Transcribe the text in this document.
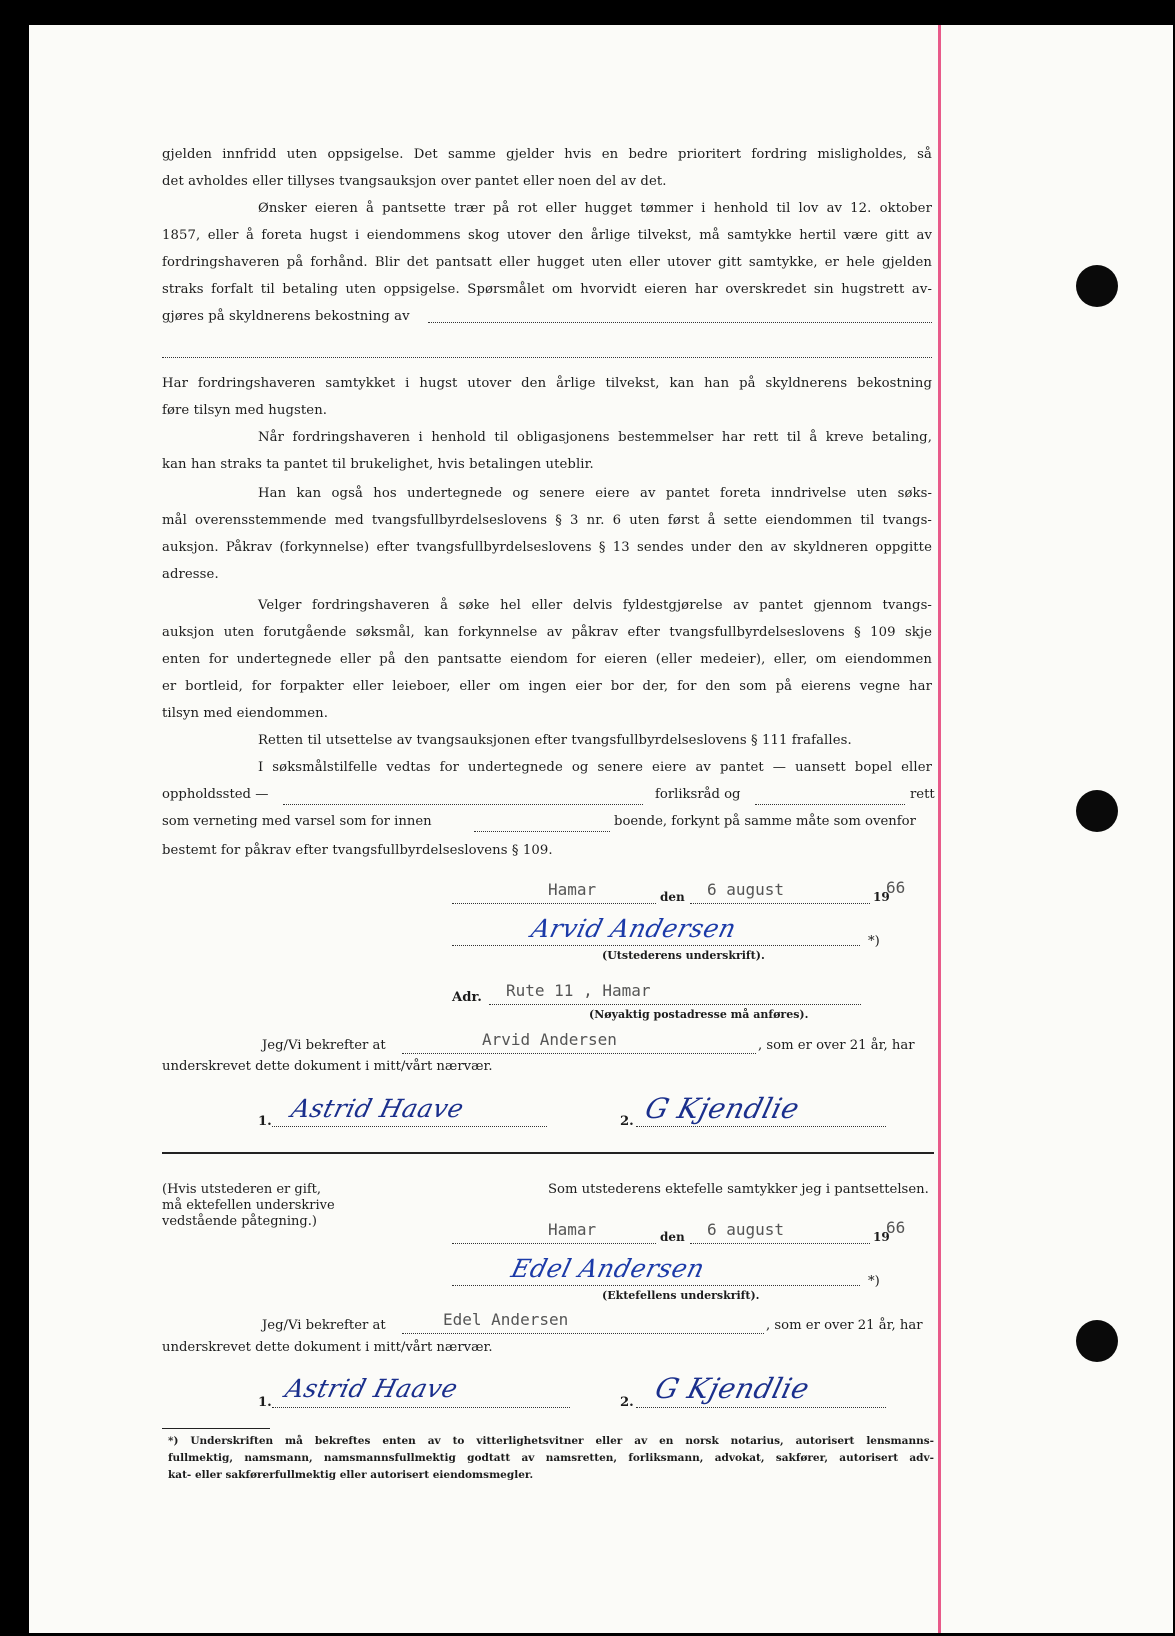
gjelden innfridd uten oppsigelse. Det samme gjelder hvis en bedre prioritert fordring misligholdes, så
det avholdes eller tillyses tvangsauksjon over pantet eller noen del av det.
Ønsker eieren å pantsette trær på rot eller hugget tømmer i henhold til lov av 12. oktober
1857, eller å foreta hugst i eiendommens skog utover den årlige tilvekst, må samtykke hertil være gitt av
fordringshaveren på forhånd. Blir det pantsatt eller hugget uten eller utover gitt samtykke, er hele gjelden
straks forfalt til betaling uten oppsigelse. Spørsmålet om hvorvidt eieren har overskredet sin hugstrett av-
gjøres på skyldnerens bekostning av
Har fordringshaveren samtykket i hugst utover den årlige tilvekst, kan han på skyldnerens bekostning
føre tilsyn med hugsten.
Når fordringshaveren i henhold til obligasjonens bestemmelser har rett til å kreve betaling,
kan han straks ta pantet til brukelighet, hvis betalingen uteblir.
Han kan også hos undertegnede og senere eiere av pantet foreta inndrivelse uten søks-
mål overensstemmende med tvangsfullbyrdelseslovens § 3 nr. 6 uten først å sette eiendommen til tvangs-
auksjon. Påkrav (forkynnelse) efter tvangsfullbyrdelseslovens § 13 sendes under den av skyldneren oppgitte
adresse.
Velger fordringshaveren å søke hel eller delvis fyldestgjørelse av pantet gjennom tvangs-
auksjon uten forutgående søksmål, kan forkynnelse av påkrav efter tvangsfullbyrdelseslovens § 109 skje
enten for undertegnede eller på den pantsatte eiendom for eieren (eller medeier), eller, om eiendommen
er bortleid, for forpakter eller leieboer, eller om ingen eier bor der, for den som på eierens vegne har
tilsyn med eiendommen.
Retten til utsettelse av tvangsauksjonen efter tvangsfullbyrdelseslovens § 111 frafalles.
I søksmålstilfelle vedtas for undertegnede og senere eiere av pantet — uansett bopel eller
oppholdssted —	forliksråd og	rett
som verneting med varsel som for innen	boende, forkynt på samme måte som ovenfor
bestemt for påkrav efter tvangsfullbyrdelseslovens § 109.
Hamar	den 6 august	19
66
Arvid Andersen	*)
(Utstederens underskrift).
Adr. Rute 11 , Hamar
(Nøyaktig postadresse må anføres).
Jeg/Vi bekrefter at	Arvid Andersen	, som er over 21 år, har
underskrevet dette dokument i mitt/vårt nærvær.
1. Astrid Haave	2. G Kjendlie
(Hvis utstederen er gift,
må ektefellen underskrive
vedstående påtegning.)
Som utstederens ektefelle samtykker jeg i pantsettelsen.
Hamar	den 6 august	19
66
Edel Andersen	*)
(Ektefellens underskrift).
Jeg/Vi bekrefter at	Edel Andersen	, som er over 21 år, har
underskrevet dette dokument i mitt/vårt nærvær.
1. Astrid Haave	2. G Kjendlie
*) Underskriften må bekreftes enten av to vitterlighetsvitner eller av en norsk notarius, autorisert lensmanns-
fullmektig, namsmann, namsmannsfullmektig godtatt av namsretten, forliksmann, advokat, sakfører, autorisert adv-
kat- eller sakførerfullmektig eller autorisert eiendomsmegler.
